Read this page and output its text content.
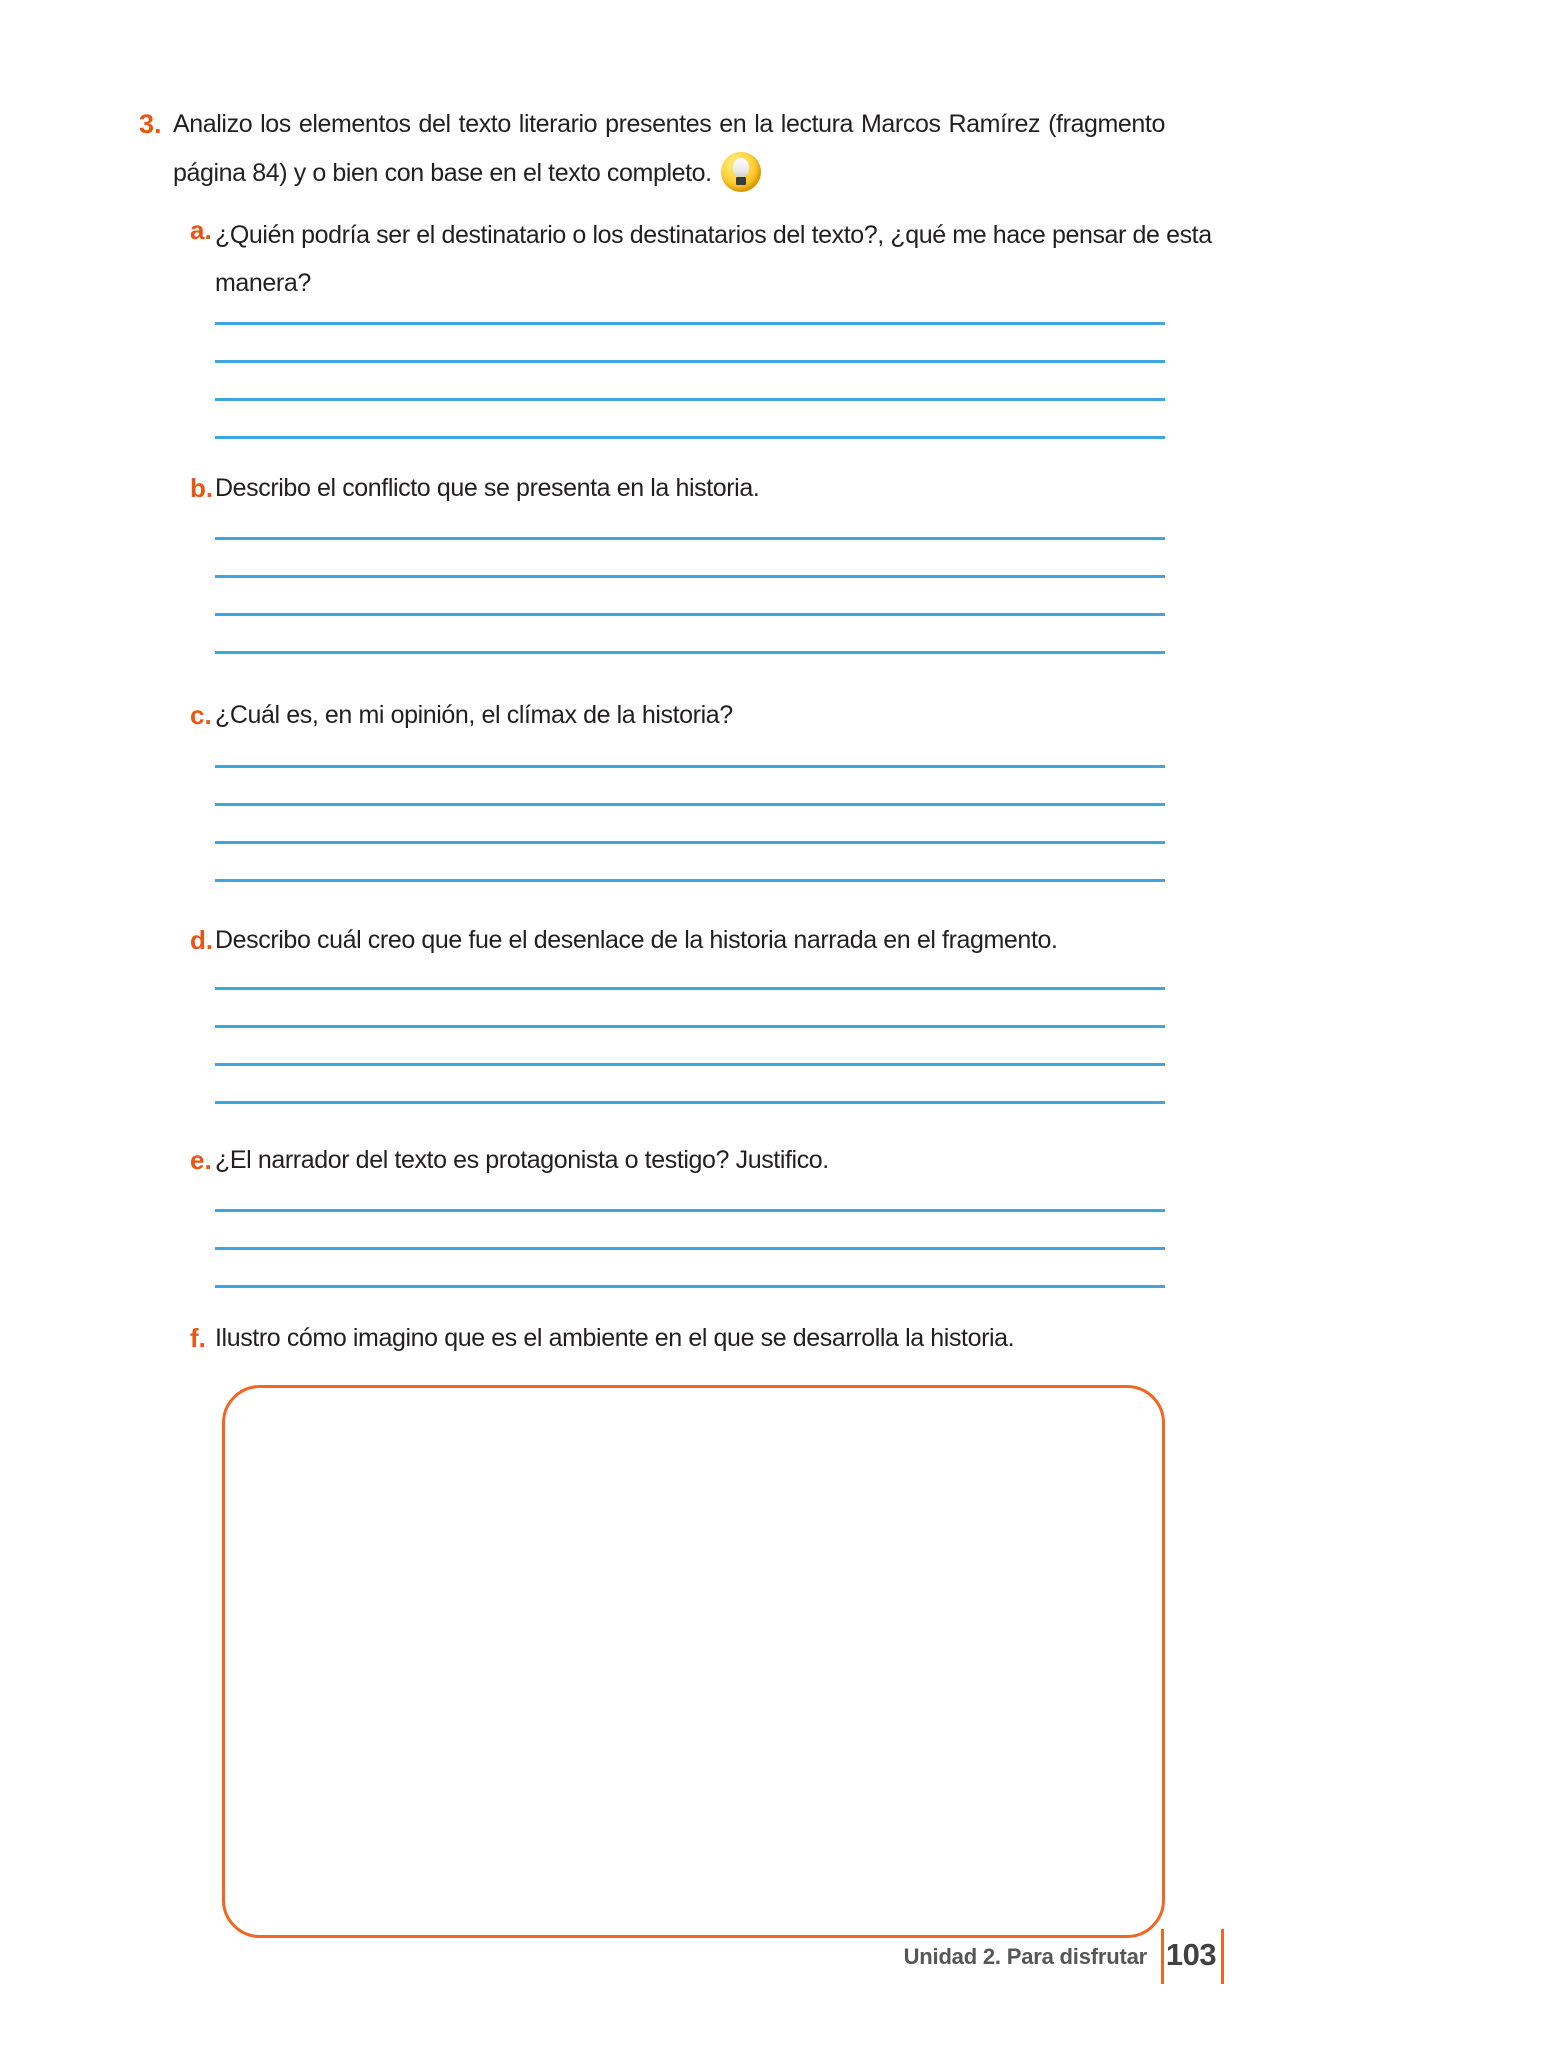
3. Analizo los elementos del texto literario presentes en la lectura Marcos Ramírez (fragmento
página 84) y o bien con base en el texto completo.
a. ¿Quién podría ser el destinatario o los destinatarios del texto?, ¿qué me hace pensar de esta
manera?
b. Describo el conflicto que se presenta en la historia.
c. ¿Cuál es, en mi opinión, el clímax de la historia?
d. Describo cuál creo que fue el desenlace de la historia narrada en el fragmento.
e. ¿El narrador del texto es protagonista o testigo? Justifico.
f. Ilustro cómo imagino que es el ambiente en el que se desarrolla la historia.
Unidad 2. Para disfrutar 103
